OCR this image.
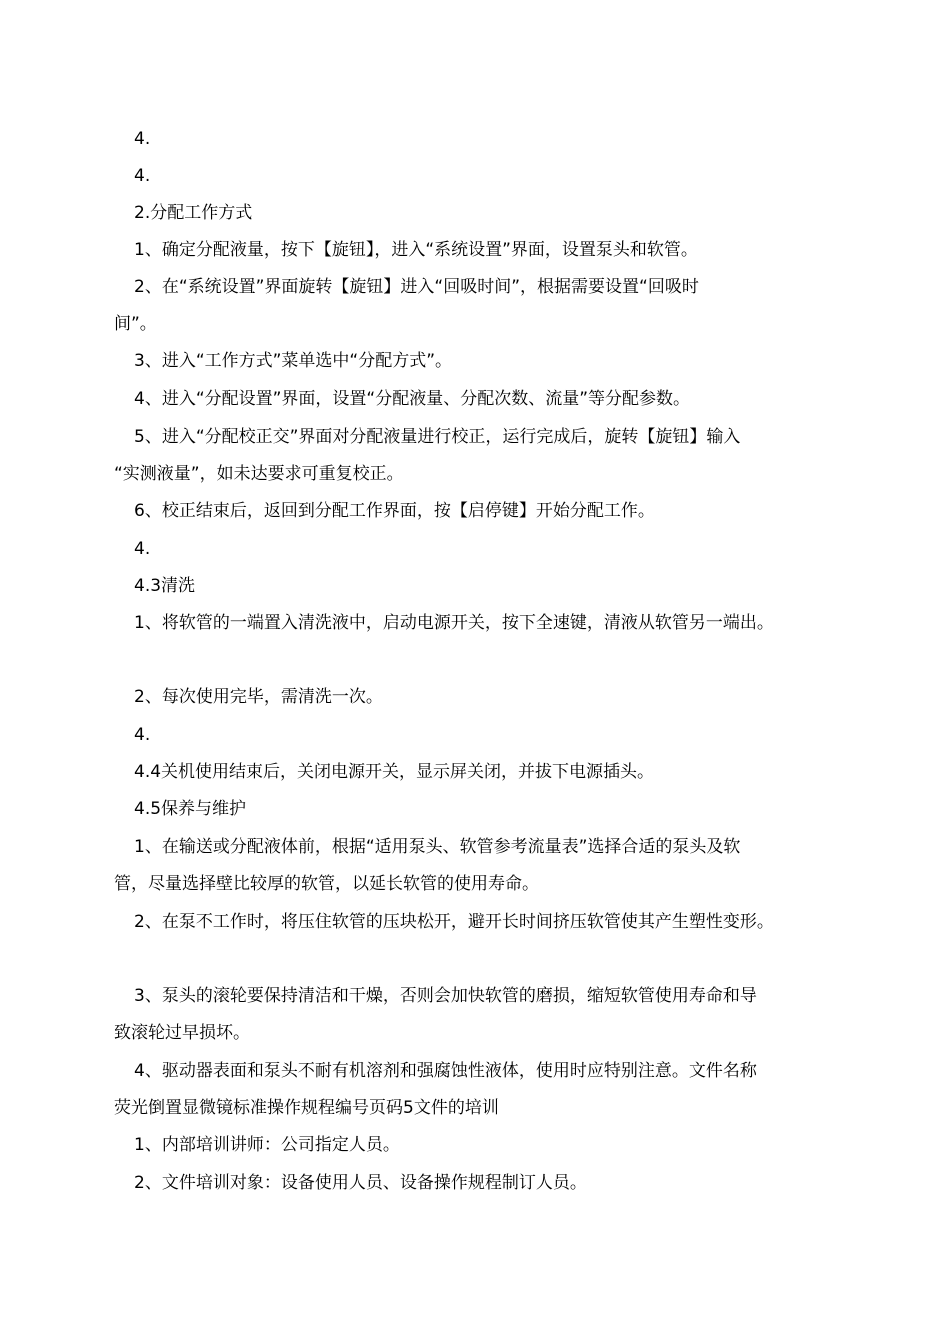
4.
4.
2.分配工作方式
1、确定分配液量，按下【旋钮】，进入“系统设置”界面，设置泵头和软管。
2、在“系统设置”界面旋转【旋钮】进入“回吸时间”，根据需要设置“回吸时
间”。
3、进入“工作方式”菜单选中“分配方式”。
4、进入“分配设置”界面，设置“分配液量、分配次数、流量”等分配参数。
5、进入“分配校正交”界面对分配液量进行校正，运行完成后，旋转【旋钮】输入
“实测液量”，如未达要求可重复校正。
6、校正结束后，返回到分配工作界面，按【启停键】开始分配工作。
4.
4.3清洗
1、将软管的一端置入清洗液中，启动电源开关，按下全速键，清液从软管另一端出。
2、每次使用完毕，需清洗一次。
4.
4.4关机使用结束后，关闭电源开关，显示屏关闭，并拔下电源插头。
4.5保养与维护
1、在输送或分配液体前，根据“适用泵头、软管参考流量表”选择合适的泵头及软
管，尽量选择壁比较厚的软管，以延长软管的使用寿命。
2、在泵不工作时，将压住软管的压块松开，避开长时间挤压软管使其产生塑性变形。
3、泵头的滚轮要保持清洁和干燥，否则会加快软管的磨损，缩短软管使用寿命和导
致滚轮过早损坏。
4、驱动器表面和泵头不耐有机溶剂和强腐蚀性液体，使用时应特别注意。文件名称
荧光倒置显微镜标准操作规程编号页码5文件的培训
1、内部培训讲师：公司指定人员。
2、文件培训对象：设备使用人员、设备操作规程制订人员。
